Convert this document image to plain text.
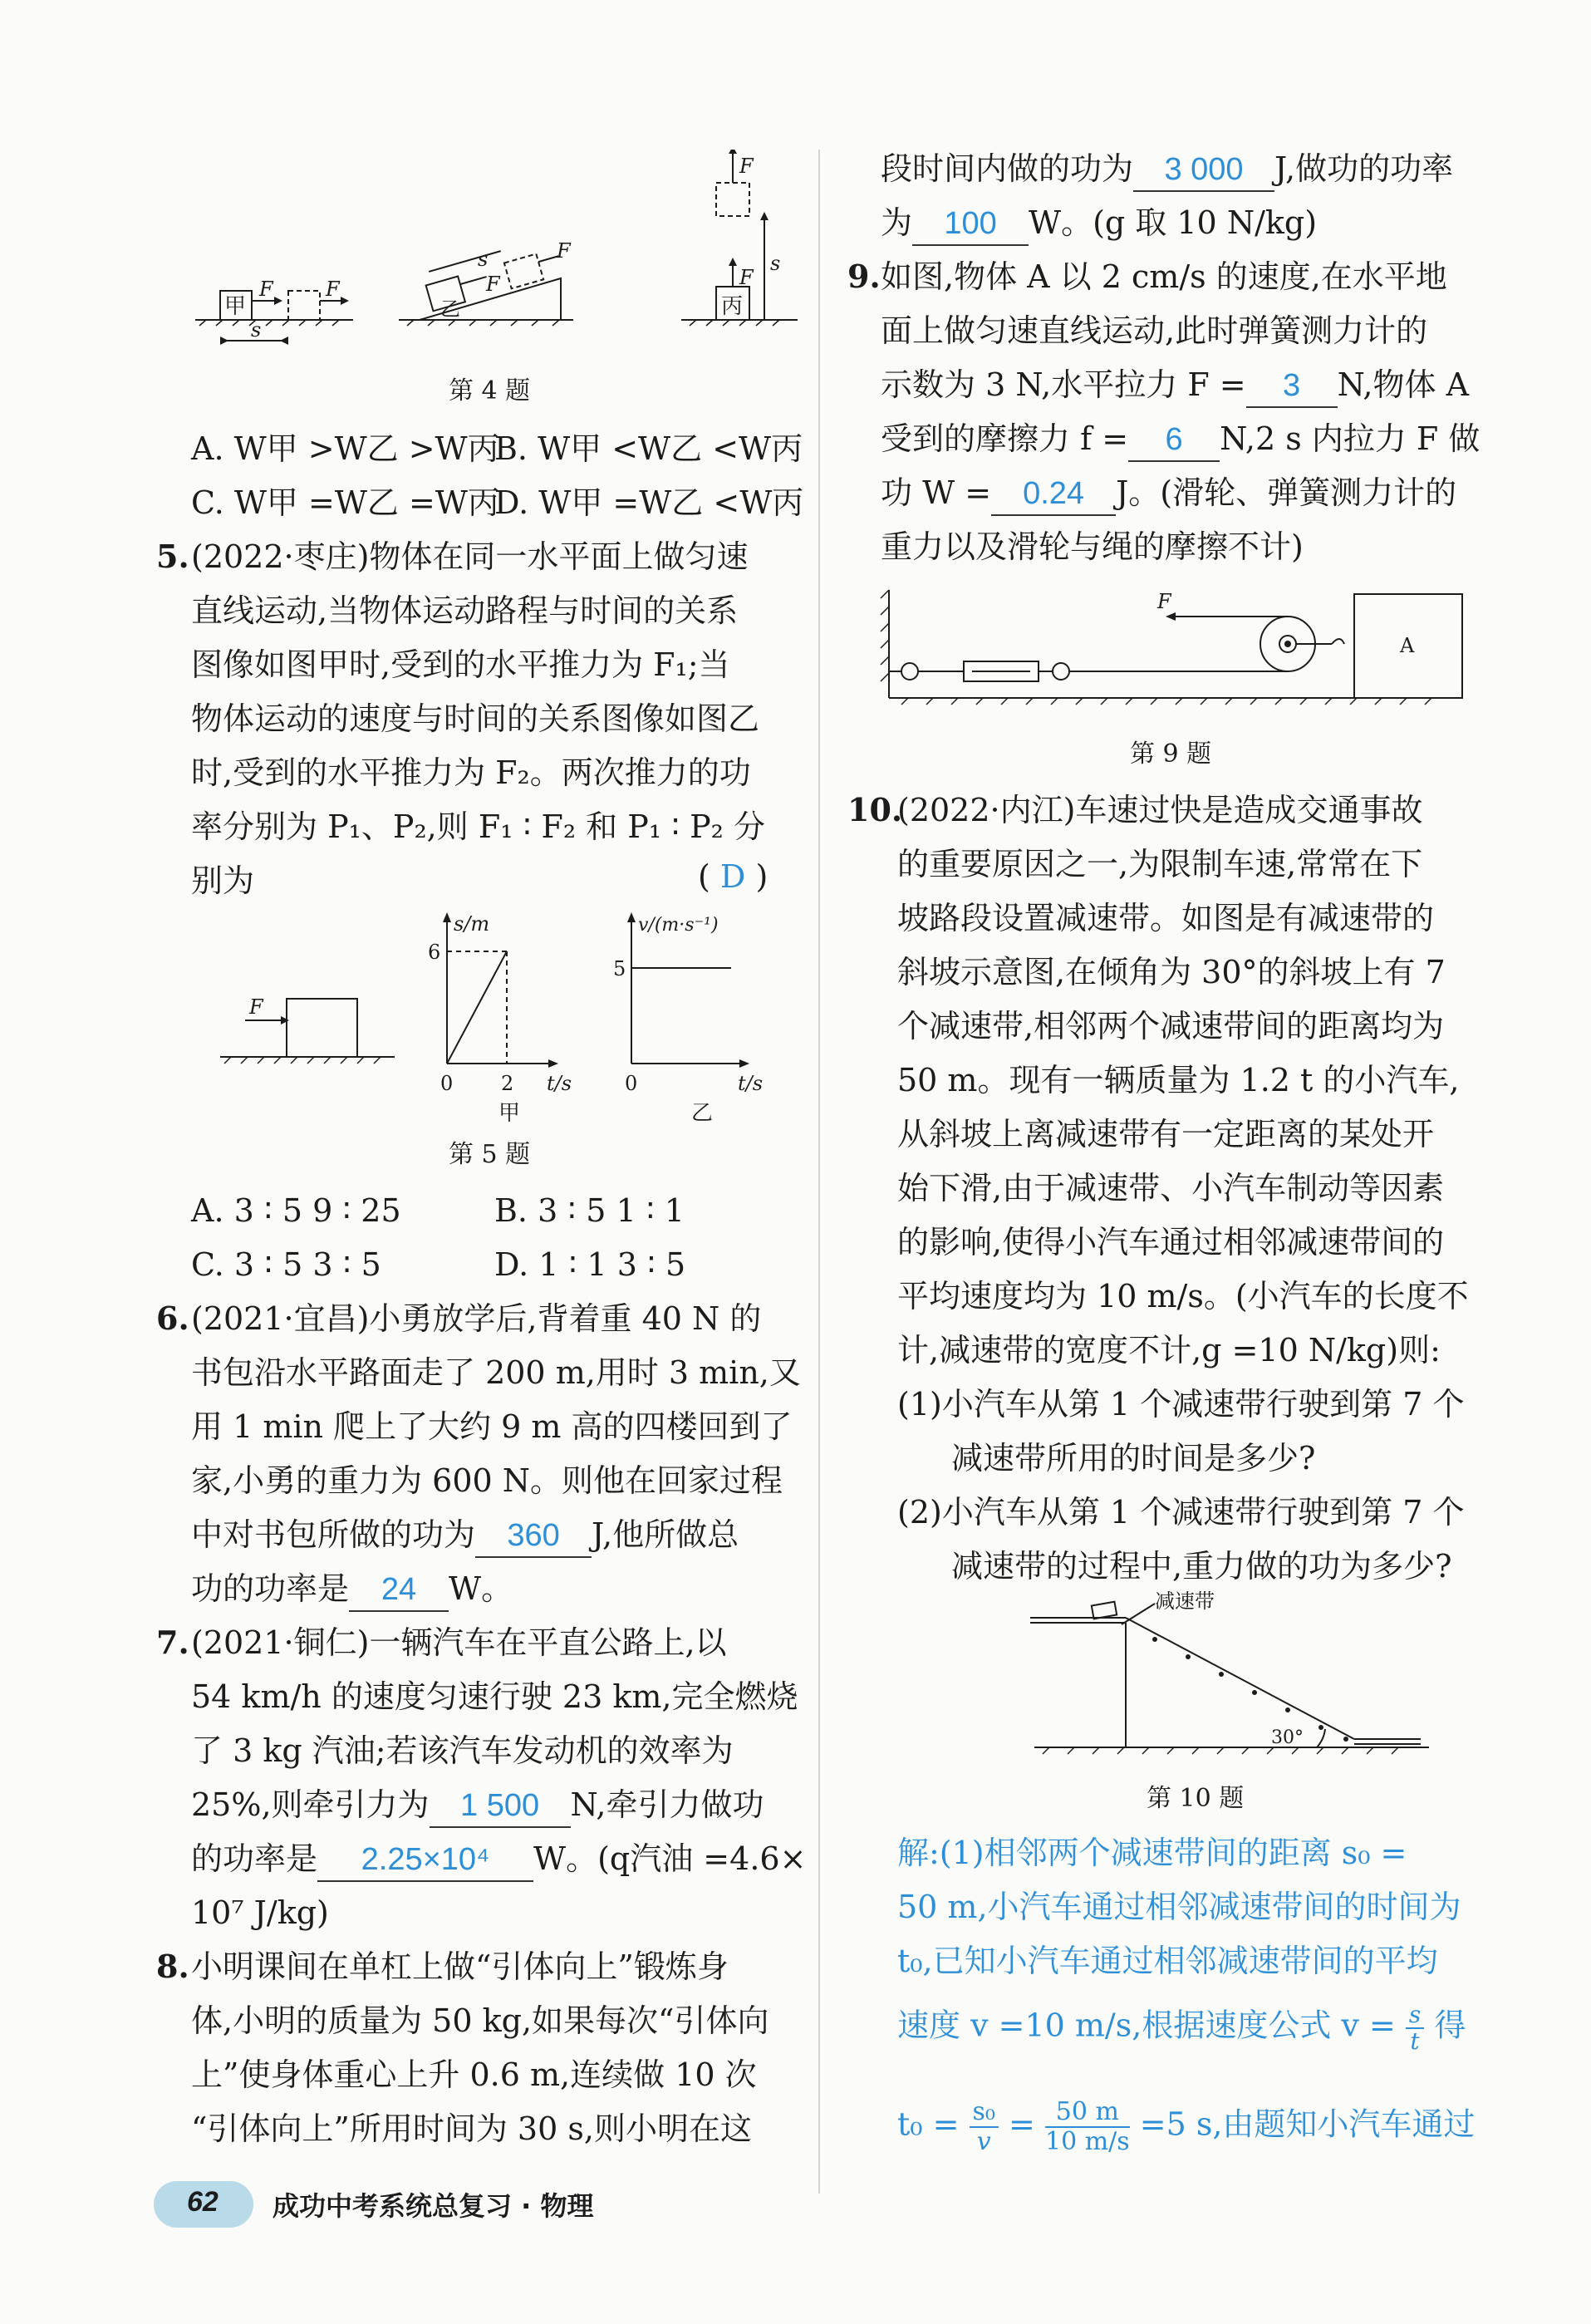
甲
F	F
s
乙
F
F
s
丙
F
F
s
第 4 题
A. W甲 >W乙 >W丙
B. W甲 <W乙 <W丙
C. W甲 =W乙 =W丙
D. W甲 =W乙 <W丙
5. (2022·枣庄)物体在同一水平面上做匀速
直线运动,当物体运动路程与时间的关系
图像如图甲时,受到的水平推力为 F₁;当
物体运动的速度与时间的关系图像如图乙
时,受到的水平推力为 F₂。两次推力的功
率分别为 P₁、P₂,则 F₁ ∶ F₂ 和 P₁ ∶ P₂ 分
别为	( D )
F
s/m
6
0 2 t/s
甲
v/(m·s⁻¹)
5
0	t/s
乙
第 5 题
A. 3 ∶ 5 9 ∶ 25	B. 3 ∶ 5 1 ∶ 1
C. 3 ∶ 5 3 ∶ 5	D. 1 ∶ 1 3 ∶ 5
6. (2021·宜昌)小勇放学后,背着重 40 N 的
书包沿水平路面走了 200 m,用时 3 min,又
用 1 min 爬上了大约 9 m 高的四楼回到了
家,小勇的重力为 600 N。则他在回家过程
中对书包所做的功为 360 J,他所做总
功的功率是 24 W。
7. (2021·铜仁)一辆汽车在平直公路上,以
54 km/h 的速度匀速行驶 23 km,完全燃烧
了 3 kg 汽油;若该汽车发动机的效率为
25%,则牵引力为 1 500 N,牵引力做功
的功率是 2.25×10⁴ W。(q汽油 =4.6×
10⁷ J/kg)
8. 小明课间在单杠上做“引体向上”锻炼身
体,小明的质量为 50 kg,如果每次“引体向
上”使身体重心上升 0.6 m,连续做 10 次
“引体向上”所用时间为 30 s,则小明在这
段时间内做的功为 3 000 J,做功的功率
为 100 W。(g 取 10 N/kg)
9. 如图,物体 A 以 2 cm/s 的速度,在水平地
面上做匀速直线运动,此时弹簧测力计的
示数为 3 N,水平拉力 F = 3 N,物体 A
受到的摩擦力 f = 6 N,2 s 内拉力 F 做
功 W = 0.24 J。(滑轮、弹簧测力计的
重力以及滑轮与绳的摩擦不计)
F
A
第 9 题
10.
(2022·内江)车速过快是造成交通事故
的重要原因之一,为限制车速,常常在下
坡路段设置减速带。如图是有减速带的
斜坡示意图,在倾角为 30°的斜坡上有 7
个减速带,相邻两个减速带间的距离均为
50 m。现有一辆质量为 1.2 t 的小汽车,
从斜坡上离减速带有一定距离的某处开
始下滑,由于减速带、小汽车制动等因素
的影响,使得小汽车通过相邻减速带间的
平均速度均为 10 m/s。(小汽车的长度不
计,减速带的宽度不计,g =10 N/kg)则:
(1)小汽车从第 1 个减速带行驶到第 7 个
减速带所用的时间是多少?
(2)小汽车从第 1 个减速带行驶到第 7 个
减速带的过程中,重力做的功为多少?
减速带
30°
第 10 题
解:(1)相邻两个减速带间的距离 s₀ =
50 m,小汽车通过相邻减速带间的时间为
t₀,已知小汽车通过相邻减速带间的平均
速度 v =10 m/s,根据速度公式 $v = \frac{s}{t}$ 得
$t_0 = \frac{\text{s₀}}{v} = \frac{50 m}{10 m/s} =5$ s,由题知小汽车通过
62 成功中考系统总复习 · 物理
